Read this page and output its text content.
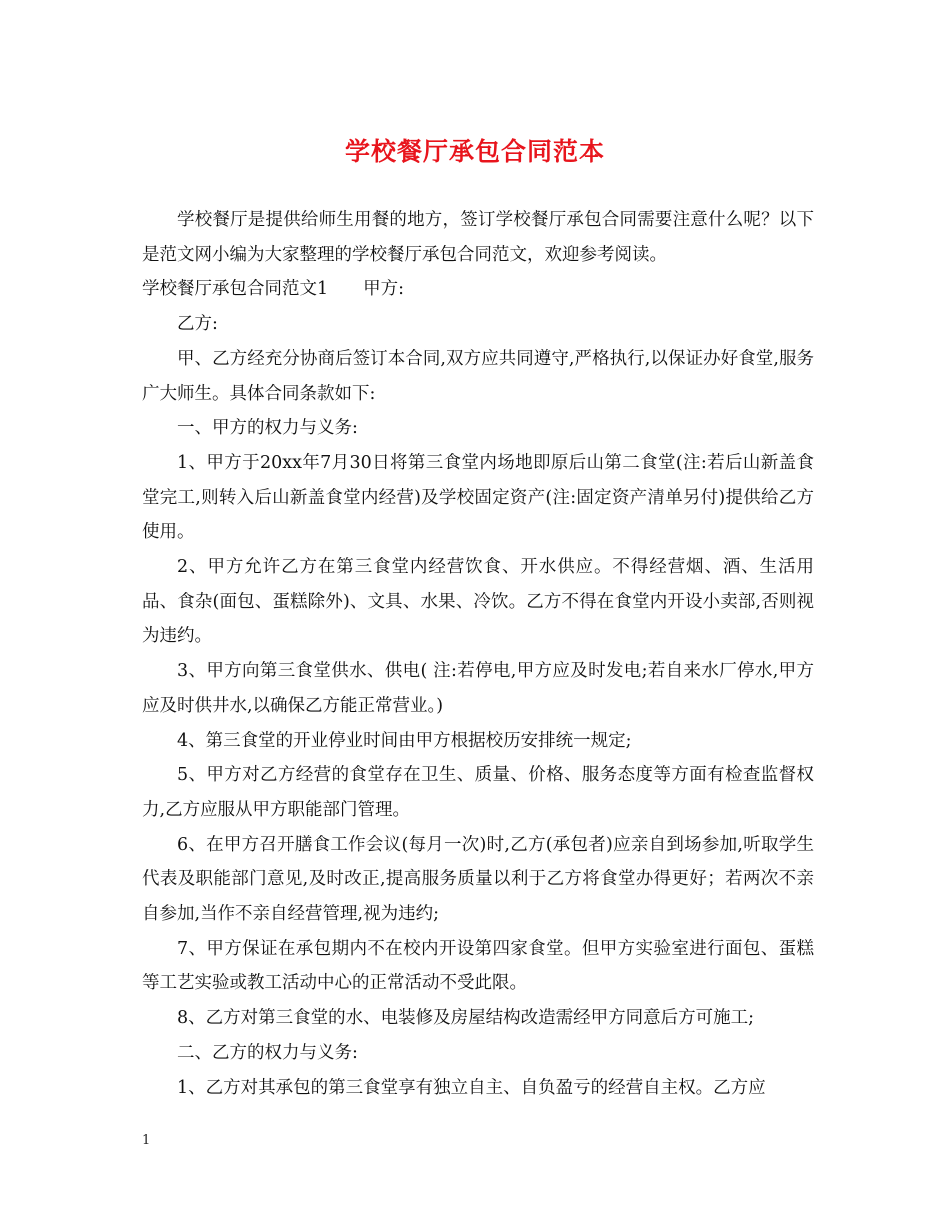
学校餐厅承包合同范本

学校餐厅是提供给师生用餐的地方，签订学校餐厅承包合同需要注意什么呢？以下是范文网小编为大家整理的学校餐厅承包合同范文，欢迎参考阅读。

学校餐厅承包合同范文1　　甲方:

乙方:

甲、乙方经充分协商后签订本合同,双方应共同遵守,严格执行,以保证办好食堂,服务广大师生。具体合同条款如下:

一、甲方的权力与义务:

1、甲方于20xx年7月30日将第三食堂内场地即原后山第二食堂(注:若后山新盖食堂完工,则转入后山新盖食堂内经营)及学校固定资产(注:固定资产清单另付)提供给乙方使用。

2、甲方允许乙方在第三食堂内经营饮食、开水供应。不得经营烟、酒、生活用品、食杂(面包、蛋糕除外)、文具、水果、冷饮。乙方不得在食堂内开设小卖部,否则视为违约。

3、甲方向第三食堂供水、供电( 注:若停电,甲方应及时发电;若自来水厂停水,甲方应及时供井水,以确保乙方能正常营业。)

4、第三食堂的开业停业时间由甲方根据校历安排统一规定;

5、甲方对乙方经营的食堂存在卫生、质量、价格、服务态度等方面有检查监督权力,乙方应服从甲方职能部门管理。

6、在甲方召开膳食工作会议(每月一次)时,乙方(承包者)应亲自到场参加,听取学生代表及职能部门意见,及时改正,提高服务质量以利于乙方将食堂办得更好；若两次不亲自参加,当作不亲自经营管理,视为违约;

7、甲方保证在承包期内不在校内开设第四家食堂。但甲方实验室进行面包、蛋糕等工艺实验或教工活动中心的正常活动不受此限。

8、乙方对第三食堂的水、电装修及房屋结构改造需经甲方同意后方可施工;

二、乙方的权力与义务:

1、乙方对其承包的第三食堂享有独立自主、自负盈亏的经营自主权。乙方应

1
